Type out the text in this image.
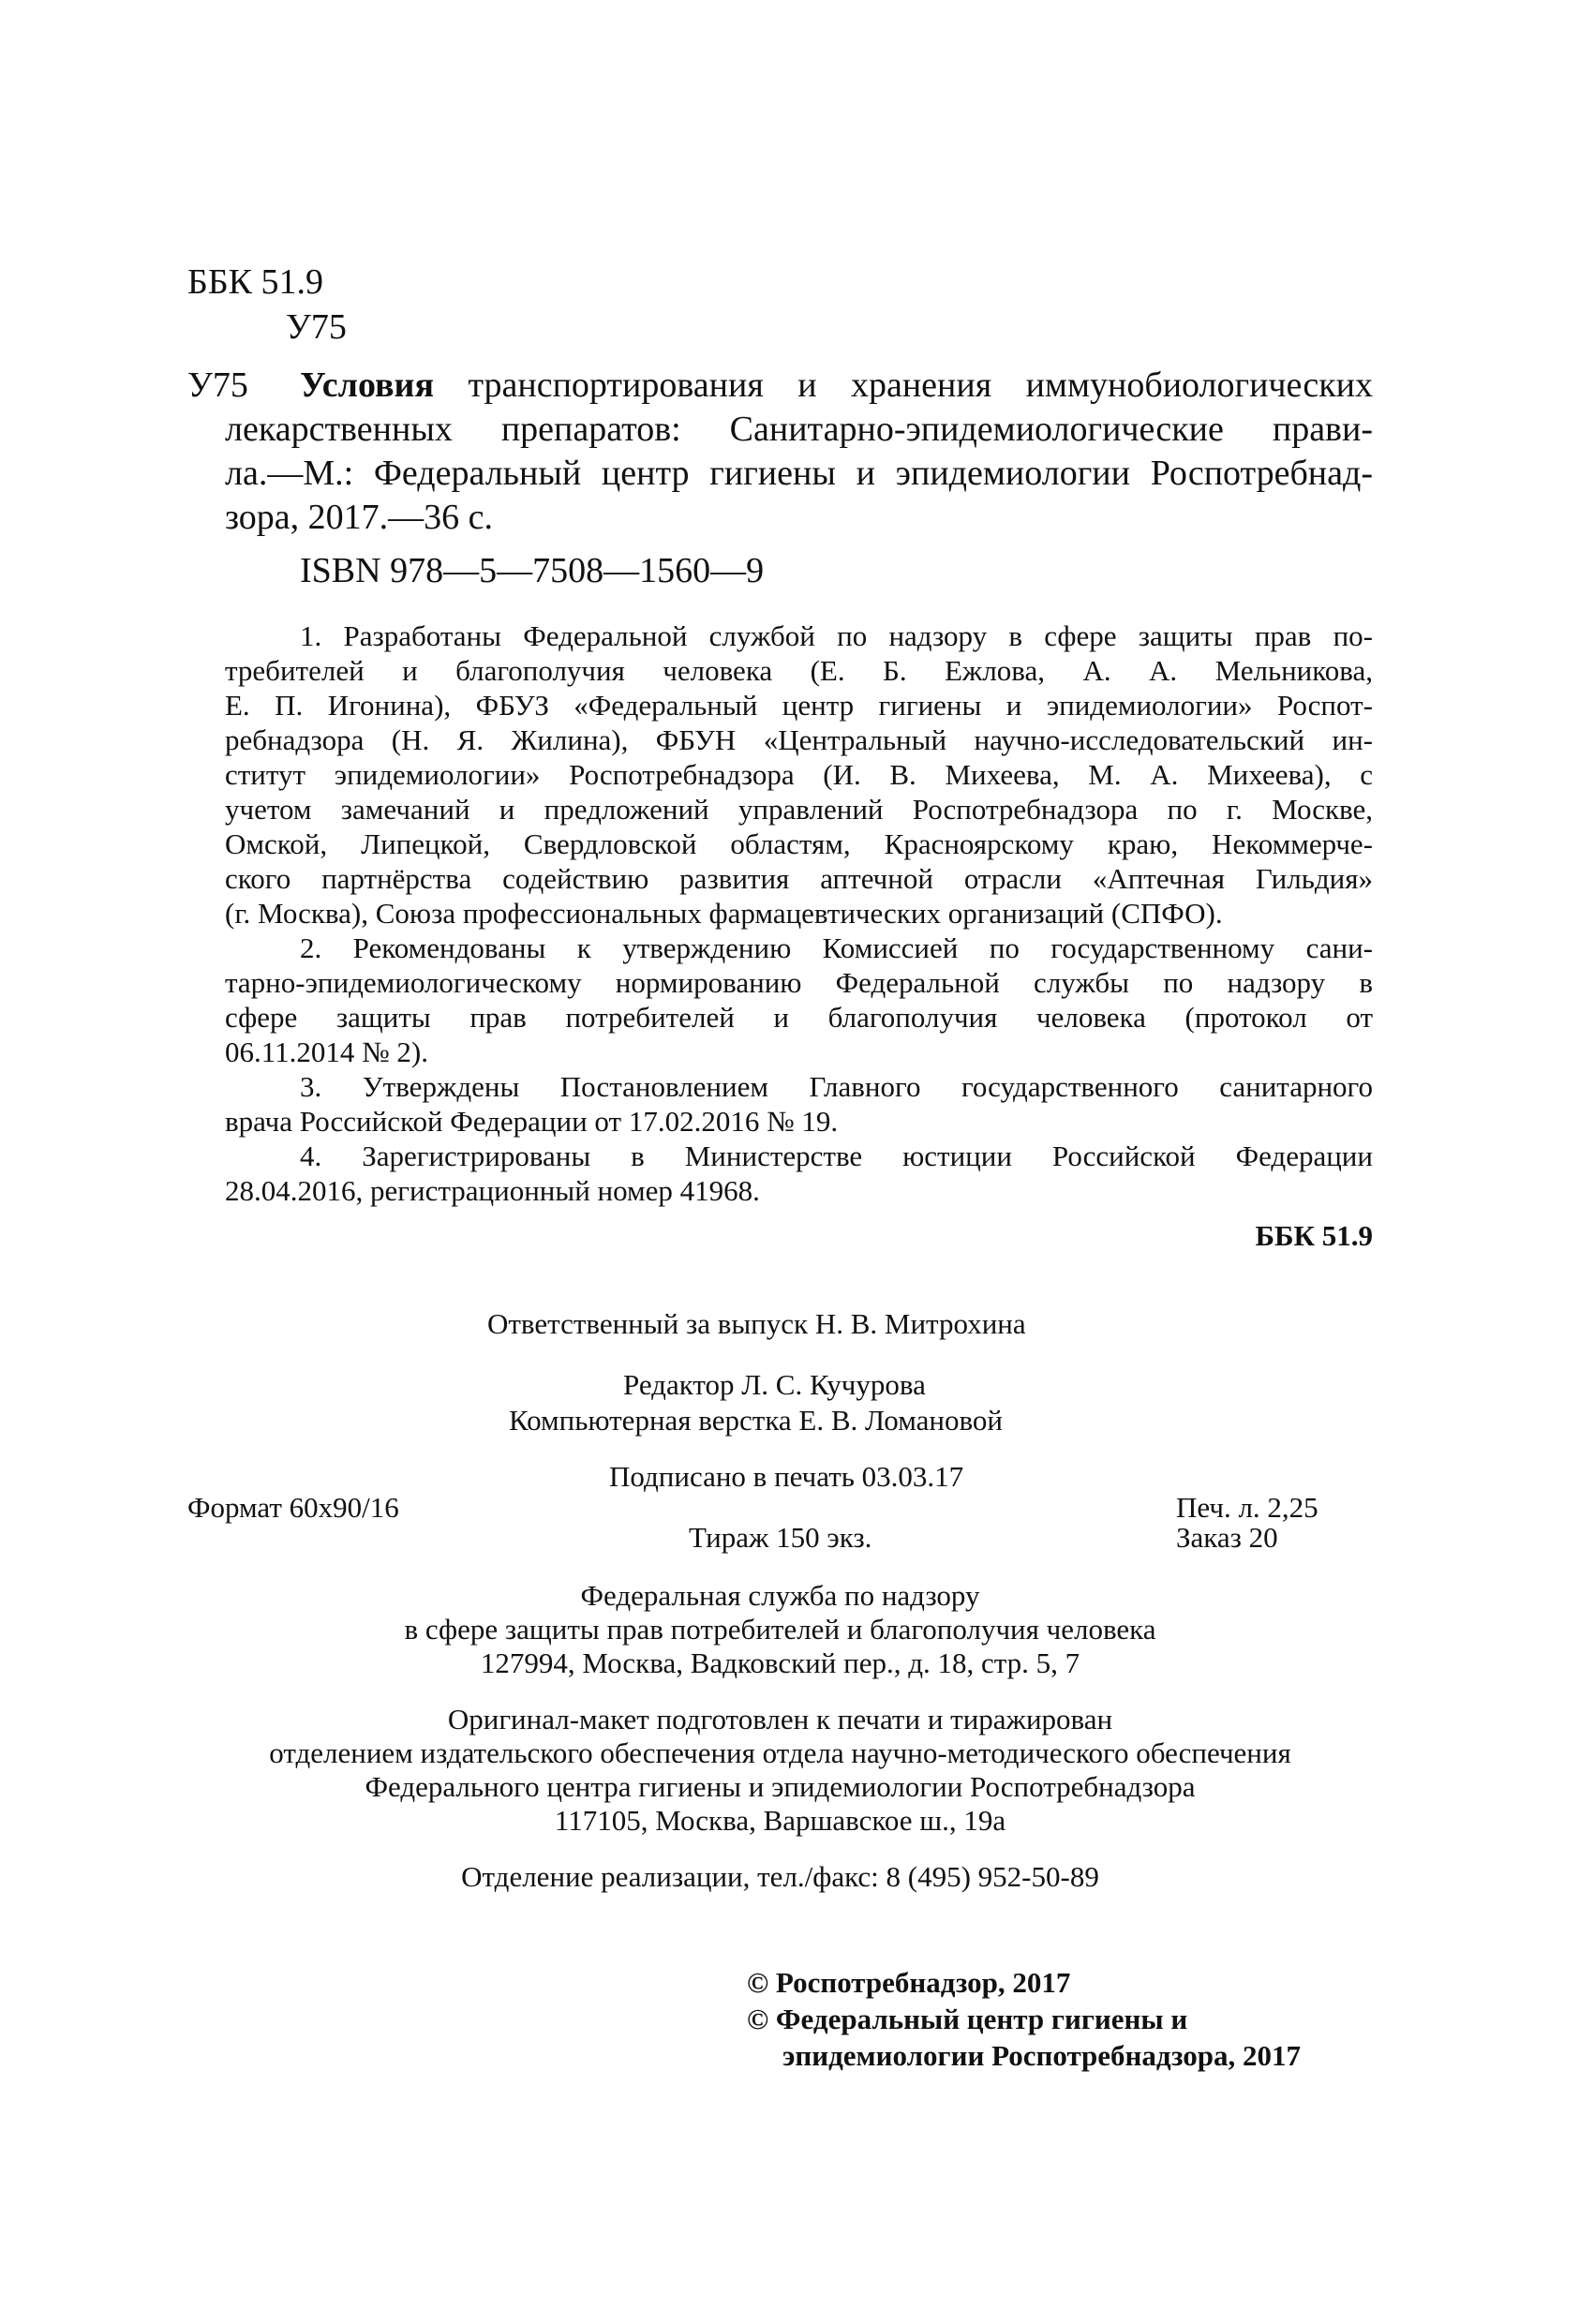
ББК 51.9
У75
У75 Условия транспортирования и хранения иммунобиологических
лекарственных препаратов: Санитарно-эпидемиологические прави-
ла.—М.: Федеральный центр гигиены и эпидемиологии Роспотребнад-
зора, 2017.—36 с.
ISBN 978—5—7508—1560—9
1. Разработаны Федеральной службой по надзору в сфере защиты прав по-
требителей и благополучия человека (Е. Б. Ежлова, А. А. Мельникова,
Е. П. Игонина), ФБУЗ «Федеральный центр гигиены и эпидемиологии» Роспот-
ребнадзора (Н. Я. Жилина), ФБУН «Центральный научно-исследовательский ин-
ститут эпидемиологии» Роспотребнадзора (И. В. Михеева, М. А. Михеева), с
учетом замечаний и предложений управлений Роспотребнадзора по г. Москве,
Омской, Липецкой, Свердловской областям, Красноярскому краю, Некоммерче-
ского партнёрства содействию развития аптечной отрасли «Аптечная Гильдия»
(г. Москва), Союза профессиональных фармацевтических организаций (СПФО).
2. Рекомендованы к утверждению Комиссией по государственному сани-
тарно-эпидемиологическому нормированию Федеральной службы по надзору в
сфере защиты прав потребителей и благополучия человека (протокол от
06.11.2014 № 2).
3. Утверждены Постановлением Главного государственного санитарного
врача Российской Федерации от 17.02.2016 № 19.
4. Зарегистрированы в Министерстве юстиции Российской Федерации
28.04.2016, регистрационный номер 41968.
ББК 51.9
Ответственный за выпуск Н. В. Митрохина
Редактор Л. С. Кучурова
Компьютерная верстка Е. В. Ломановой
Подписано в печать 03.03.17
Формат 60x90/16	Печ. л. 2,25
Тираж 150 экз.	Заказ 20
Федеральная служба по надзору
в сфере защиты прав потребителей и благополучия человека
127994, Москва, Вадковский пер., д. 18, стр. 5, 7
Оригинал-макет подготовлен к печати и тиражирован
отделением издательского обеспечения отдела научно-методического обеспечения
Федерального центра гигиены и эпидемиологии Роспотребнадзора
117105, Москва, Варшавское ш., 19а
Отделение реализации, тел./факс: 8 (495) 952-50-89
© Роспотребнадзор, 2017
© Федеральный центр гигиены и
эпидемиологии Роспотребнадзора, 2017
